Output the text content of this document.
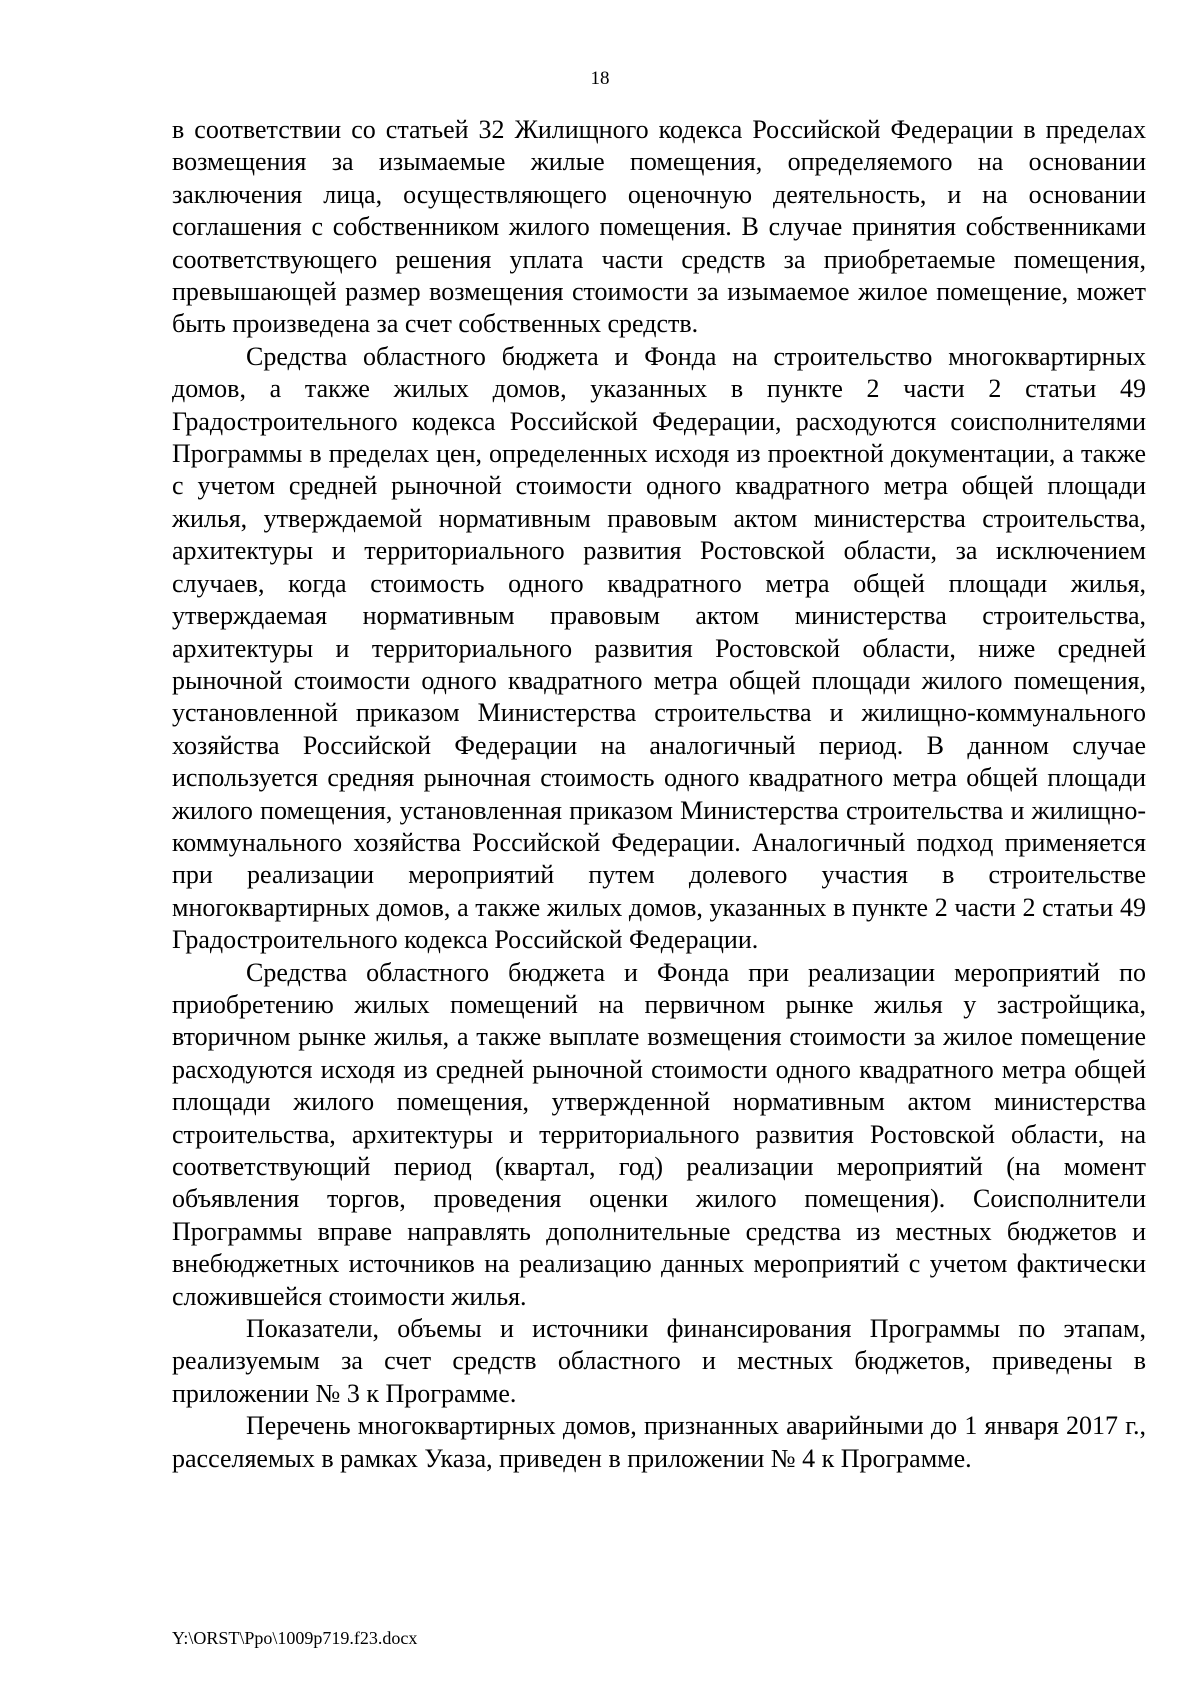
18

в соответствии со статьей 32 Жилищного кодекса Российской Федерации в пределах возмещения за изымаемые жилые помещения, определяемого на основании заключения лица, осуществляющего оценочную деятельность, и на основании соглашения с собственником жилого помещения. В случае принятия собственниками соответствующего решения уплата части средств за приобретаемые помещения, превышающей размер возмещения стоимости за изымаемое жилое помещение, может быть произведена за счет собственных средств.

Средства областного бюджета и Фонда на строительство многоквартирных домов, а также жилых домов, указанных в пункте 2 части 2 статьи 49 Градостроительного кодекса Российской Федерации, расходуются соисполнителями Программы в пределах цен, определенных исходя из проектной документации, а также с учетом средней рыночной стоимости одного квадратного метра общей площади жилья, утверждаемой нормативным правовым актом министерства строительства, архитектуры и территориального развития Ростовской области, за исключением случаев, когда стоимость одного квадратного метра общей площади жилья, утверждаемая нормативным правовым актом министерства строительства, архитектуры и территориального развития Ростовской области, ниже средней рыночной стоимости одного квадратного метра общей площади жилого помещения, установленной приказом Министерства строительства и жилищно-коммунального хозяйства Российской Федерации на аналогичный период. В данном случае используется средняя рыночная стоимость одного квадратного метра общей площади жилого помещения, установленная приказом Министерства строительства и жилищно-коммунального хозяйства Российской Федерации. Аналогичный подход применяется при реализации мероприятий путем долевого участия в строительстве многоквартирных домов, а также жилых домов, указанных в пункте 2 части 2 статьи 49 Градостроительного кодекса Российской Федерации.

Средства областного бюджета и Фонда при реализации мероприятий по приобретению жилых помещений на первичном рынке жилья у застройщика, вторичном рынке жилья, а также выплате возмещения стоимости за жилое помещение расходуются исходя из средней рыночной стоимости одного квадратного метра общей площади жилого помещения, утвержденной нормативным актом министерства строительства, архитектуры и территориального развития Ростовской области, на соответствующий период (квартал, год) реализации мероприятий (на момент объявления торгов, проведения оценки жилого помещения). Соисполнители Программы вправе направлять дополнительные средства из местных бюджетов и внебюджетных источников на реализацию данных мероприятий с учетом фактически сложившейся стоимости жилья.

Показатели, объемы и источники финансирования Программы по этапам, реализуемым за счет средств областного и местных бюджетов, приведены в приложении № 3 к Программе.

Перечень многоквартирных домов, признанных аварийными до 1 января 2017 г., расселяемых в рамках Указа, приведен в приложении № 4 к Программе.

Y:\ORST\Ppo\1009p719.f23.docx
